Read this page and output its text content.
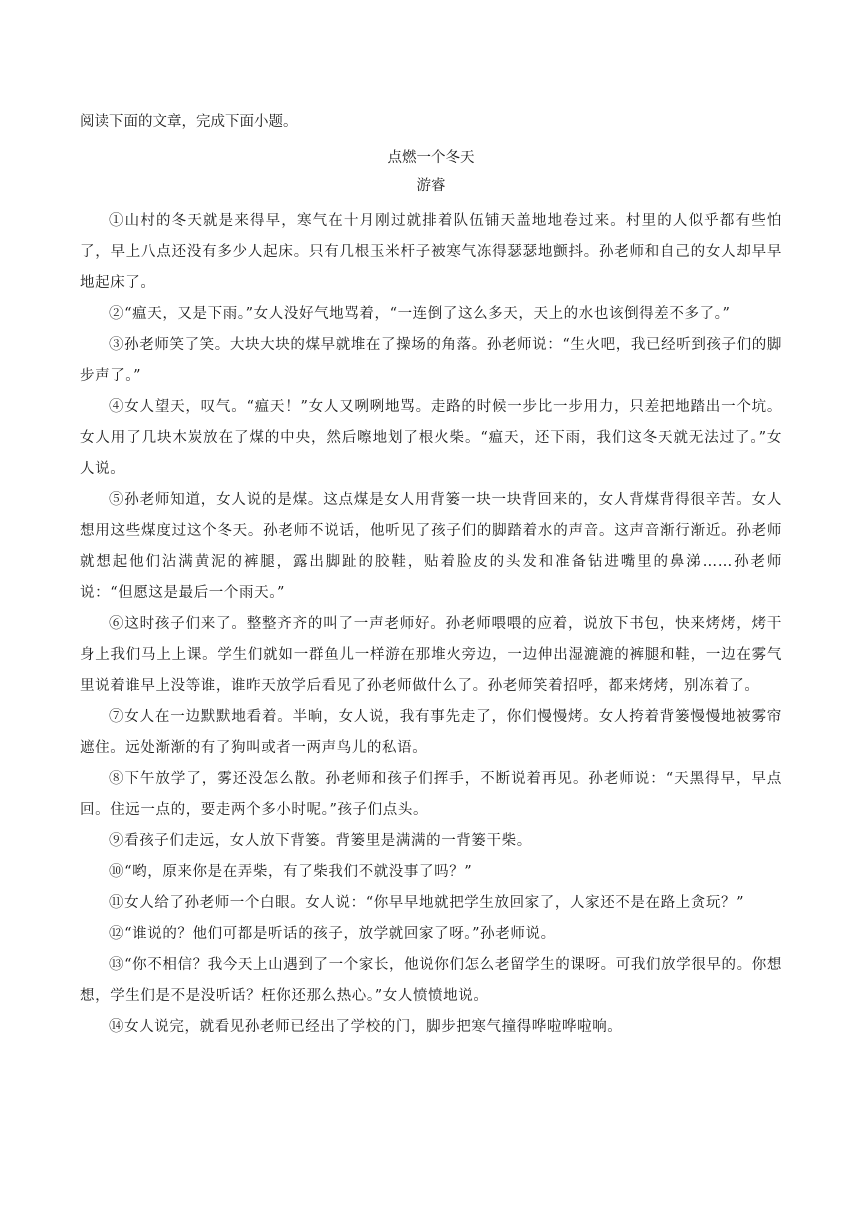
阅读下面的文章，完成下面小题。

点燃一个冬天

游睿

①山村的冬天就是来得早，寒气在十月刚过就排着队伍铺天盖地地卷过来。村里的人似乎都有些怕了，早上八点还没有多少人起床。只有几根玉米杆子被寒气冻得瑟瑟地颤抖。孙老师和自己的女人却早早地起床了。

②“瘟天，又是下雨。”女人没好气地骂着，“一连倒了这么多天，天上的水也该倒得差不多了。”

③孙老师笑了笑。大块大块的煤早就堆在了操场的角落。孙老师说：“生火吧，我已经听到孩子们的脚步声了。”

④女人望天，叹气。“瘟天！”女人又咧咧地骂。走路的时候一步比一步用力，只差把地踏出一个坑。女人用了几块木炭放在了煤的中央，然后嚓地划了根火柴。“瘟天，还下雨，我们这冬天就无法过了。”女人说。

⑤孙老师知道，女人说的是煤。这点煤是女人用背篓一块一块背回来的，女人背煤背得很辛苦。女人想用这些煤度过这个冬天。孙老师不说话，他听见了孩子们的脚踏着水的声音。这声音渐行渐近。孙老师就想起他们沾满黄泥的裤腿，露出脚趾的胶鞋，贴着脸皮的头发和准备钻进嘴里的鼻涕……孙老师说：“但愿这是最后一个雨天。”

⑥这时孩子们来了。整整齐齐的叫了一声老师好。孙老师喂喂的应着，说放下书包，快来烤烤，烤干身上我们马上上课。学生们就如一群鱼儿一样游在那堆火旁边，一边伸出湿漉漉的裤腿和鞋，一边在雾气里说着谁早上没等谁，谁昨天放学后看见了孙老师做什么了。孙老师笑着招呼，都来烤烤，别冻着了。

⑦女人在一边默默地看着。半晌，女人说，我有事先走了，你们慢慢烤。女人挎着背篓慢慢地被雾帘遮住。远处渐渐的有了狗叫或者一两声鸟儿的私语。

⑧下午放学了，雾还没怎么散。孙老师和孩子们挥手，不断说着再见。孙老师说：“天黑得早，早点回。住远一点的，要走两个多小时呢。”孩子们点头。

⑨看孩子们走远，女人放下背篓。背篓里是满满的一背篓干柴。

⑩“哟，原来你是在弄柴，有了柴我们不就没事了吗？”

⑪女人给了孙老师一个白眼。女人说：“你早早地就把学生放回家了，人家还不是在路上贪玩？”

⑫“谁说的？他们可都是听话的孩子，放学就回家了呀。”孙老师说。

⑬“你不相信？我今天上山遇到了一个家长，他说你们怎么老留学生的课呀。可我们放学很早的。你想想，学生们是不是没听话？枉你还那么热心。”女人愤愤地说。

⑭女人说完，就看见孙老师已经出了学校的门，脚步把寒气撞得哗啦哗啦响。
